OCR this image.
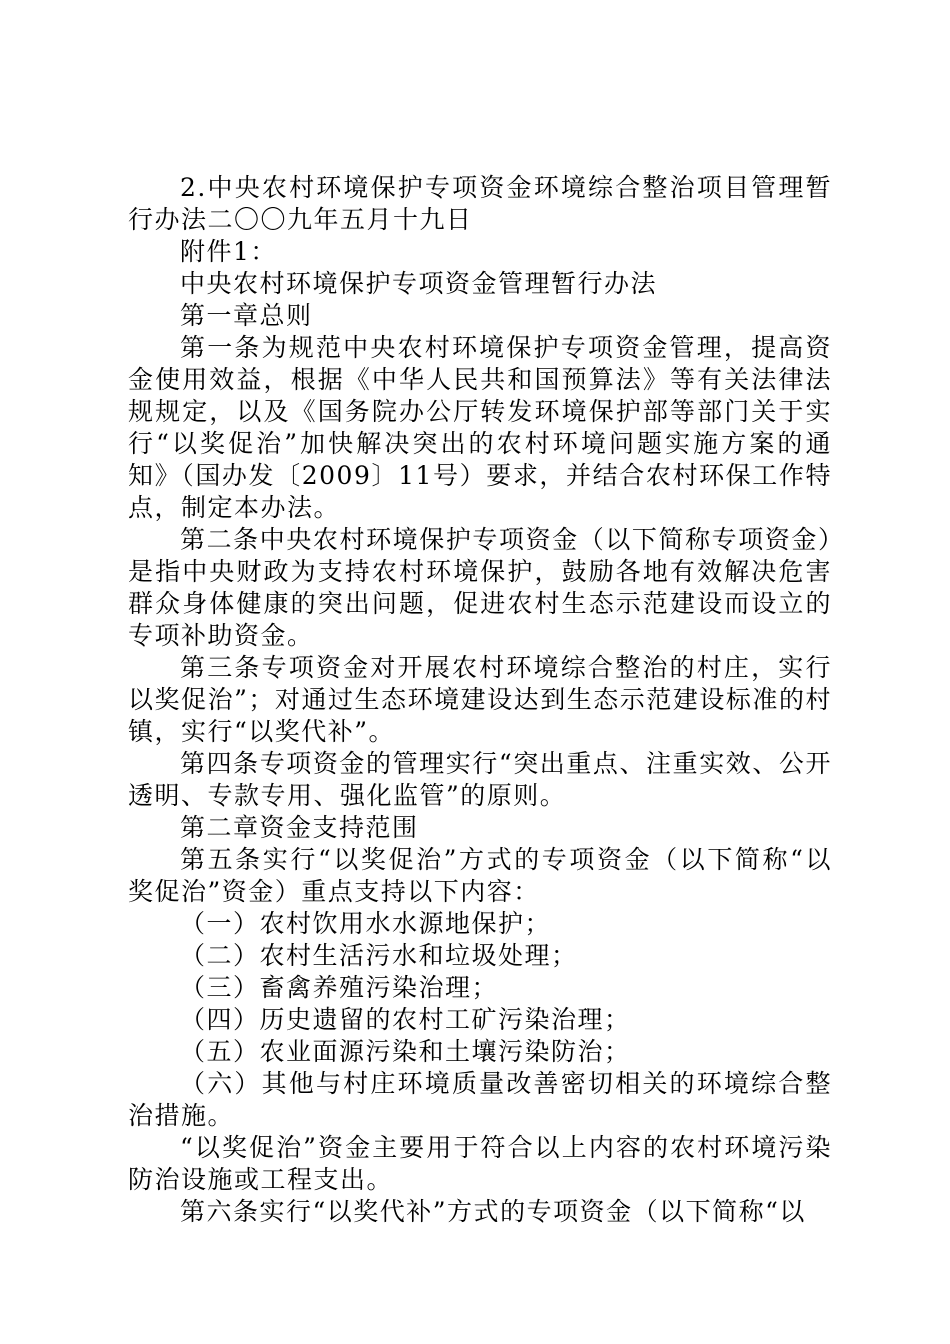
2.中央农村环境保护专项资金环境综合整治项目管理暂行办法二〇〇九年五月十九日

附件1：

中央农村环境保护专项资金管理暂行办法

第一章总则

第一条为规范中央农村环境保护专项资金管理，提高资金使用效益，根据《中华人民共和国预算法》等有关法律法规规定，以及《国务院办公厅转发环境保护部等部门关于实行“以奖促治”加快解决突出的农村环境问题实施方案的通知》（国办发〔2009〕11号）要求，并结合农村环保工作特点，制定本办法。

第二条中央农村环境保护专项资金（以下简称专项资金）是指中央财政为支持农村环境保护，鼓励各地有效解决危害群众身体健康的突出问题，促进农村生态示范建设而设立的专项补助资金。

第三条专项资金对开展农村环境综合整治的村庄，实行以奖促治”；对通过生态环境建设达到生态示范建设标准的村镇，实行“以奖代补”。

第四条专项资金的管理实行“突出重点、注重实效、公开透明、专款专用、强化监管”的原则。

第二章资金支持范围

第五条实行“以奖促治”方式的专项资金（以下简称“以奖促治”资金）重点支持以下内容：

（一）农村饮用水水源地保护；

（二）农村生活污水和垃圾处理；

（三）畜禽养殖污染治理；

（四）历史遗留的农村工矿污染治理；

（五）农业面源污染和土壤污染防治；

（六）其他与村庄环境质量改善密切相关的环境综合整治措施。

“以奖促治”资金主要用于符合以上内容的农村环境污染防治设施或工程支出。

第六条实行“以奖代补”方式的专项资金（以下简称“以
